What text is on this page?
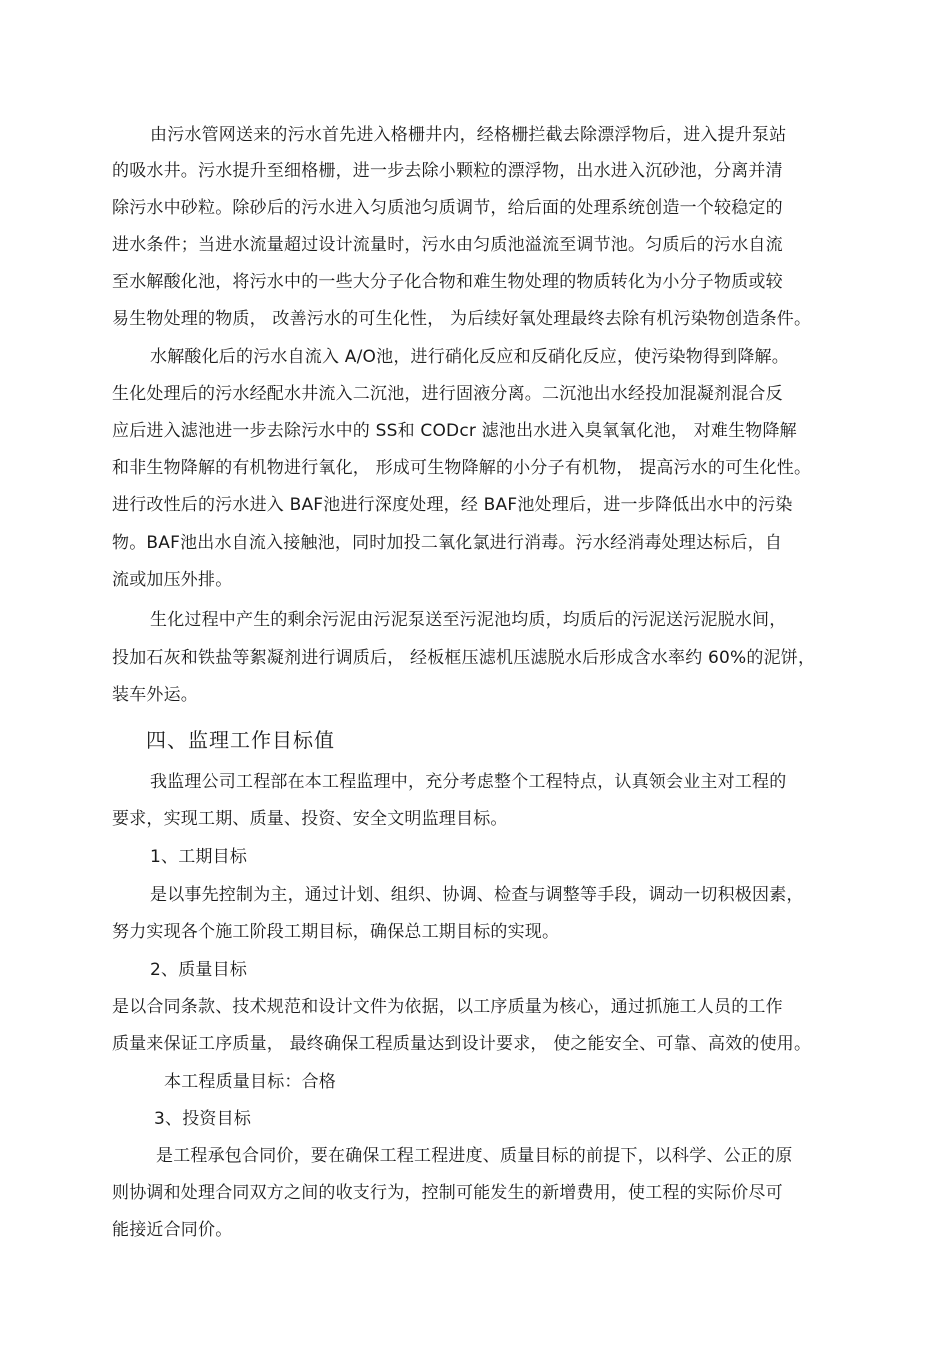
由污水管网送来的污水首先进入格栅井内，经格栅拦截去除漂浮物后，进入提升泵站
的吸水井。污水提升至细格栅，进一步去除小颗粒的漂浮物，出水进入沉砂池，分离并清
除污水中砂粒。除砂后的污水进入匀质池匀质调节，给后面的处理系统创造一个较稳定的
进水条件；当进水流量超过设计流量时，污水由匀质池溢流至调节池。匀质后的污水自流
至水解酸化池，将污水中的一些大分子化合物和难生物处理的物质转化为小分子物质或较
易生物处理的物质， 改善污水的可生化性， 为后续好氧处理最终去除有机污染物创造条件。
水解酸化后的污水自流入 A/O池，进行硝化反应和反硝化反应，使污染物得到降解。
生化处理后的污水经配水井流入二沉池，进行固液分离。二沉池出水经投加混凝剂混合反
应后进入滤池进一步去除污水中的 SS和 CODcr 滤池出水进入臭氧氧化池， 对难生物降解
和非生物降解的有机物进行氧化， 形成可生物降解的小分子有机物， 提高污水的可生化性。
进行改性后的污水进入 BAF池进行深度处理，经 BAF池处理后，进一步降低出水中的污染
物。BAF池出水自流入接触池，同时加投二氧化氯进行消毒。污水经消毒处理达标后，自
流或加压外排。
生化过程中产生的剩余污泥由污泥泵送至污泥池均质，均质后的污泥送污泥脱水间，
投加石灰和铁盐等絮凝剂进行调质后， 经板框压滤机压滤脱水后形成含水率约 60%的泥饼，
装车外运。
四、监理工作目标值
我监理公司工程部在本工程监理中，充分考虑整个工程特点，认真领会业主对工程的
要求，实现工期、质量、投资、安全文明监理目标。
1、工期目标
是以事先控制为主，通过计划、组织、协调、检查与调整等手段，调动一切积极因素，
努力实现各个施工阶段工期目标，确保总工期目标的实现。
2、质量目标
是以合同条款、技术规范和设计文件为依据，以工序质量为核心，通过抓施工人员的工作
质量来保证工序质量， 最终确保工程质量达到设计要求， 使之能安全、可靠、高效的使用。
本工程质量目标：合格
3、投资目标
是工程承包合同价，要在确保工程工程进度、质量目标的前提下，以科学、公正的原
则协调和处理合同双方之间的收支行为，控制可能发生的新增费用，使工程的实际价尽可
能接近合同价。
